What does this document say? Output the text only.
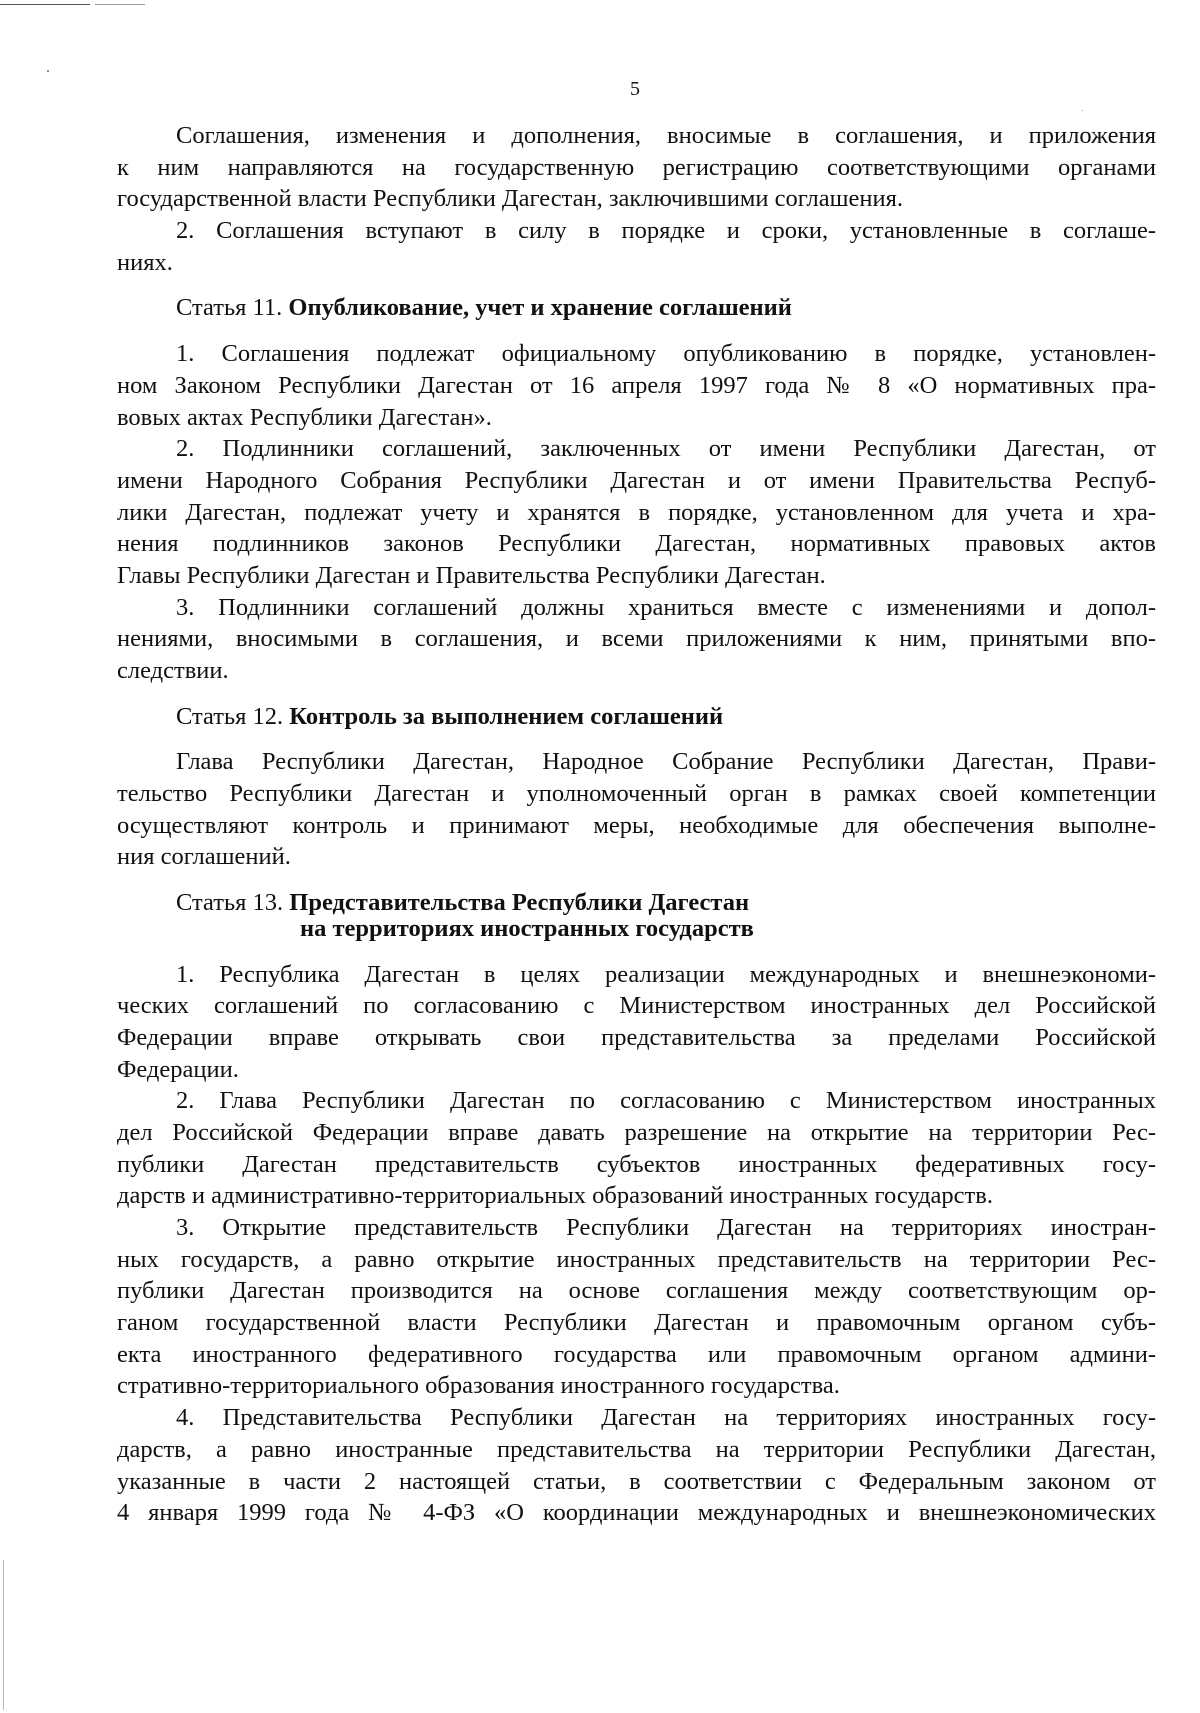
5
Соглашения, изменения и дополнения, вносимые в соглашения, и приложения
к ним направляются на государственную регистрацию соответствующими органами
государственной власти Республики Дагестан, заключившими соглашения.
2. Соглашения вступают в силу в порядке и сроки, установленные в соглаше-
ниях.
Статья 11. Опубликование, учет и хранение соглашений
1. Соглашения подлежат официальному опубликованию в порядке, установлен-
ном Законом Республики Дагестан от 16 апреля 1997 года № 8 «О нормативных пра-
вовых актах Республики Дагестан».
2. Подлинники соглашений, заключенных от имени Республики Дагестан, от
имени Народного Собрания Республики Дагестан и от имени Правительства Респуб-
лики Дагестан, подлежат учету и хранятся в порядке, установленном для учета и хра-
нения подлинников законов Республики Дагестан, нормативных правовых актов
Главы Республики Дагестан и Правительства Республики Дагестан.
3. Подлинники соглашений должны храниться вместе с изменениями и допол-
нениями, вносимыми в соглашения, и всеми приложениями к ним, принятыми впо-
следствии.
Статья 12. Контроль за выполнением соглашений
Глава Республики Дагестан, Народное Собрание Республики Дагестан, Прави-
тельство Республики Дагестан и уполномоченный орган в рамках своей компетенции
осуществляют контроль и принимают меры, необходимые для обеспечения выполне-
ния соглашений.
Статья 13. Представительства Республики Дагестан
на территориях иностранных государств
1. Республика Дагестан в целях реализации международных и внешнеэкономи-
ческих соглашений по согласованию с Министерством иностранных дел Российской
Федерации вправе открывать свои представительства за пределами Российской
Федерации.
2. Глава Республики Дагестан по согласованию с Министерством иностранных
дел Российской Федерации вправе давать разрешение на открытие на территории Рес-
публики Дагестан представительств субъектов иностранных федеративных госу-
дарств и административно-территориальных образований иностранных государств.
3. Открытие представительств Республики Дагестан на территориях иностран-
ных государств, а равно открытие иностранных представительств на территории Рес-
публики Дагестан производится на основе соглашения между соответствующим ор-
ганом государственной власти Республики Дагестан и правомочным органом субъ-
екта иностранного федеративного государства или правомочным органом админи-
стративно-территориального образования иностранного государства.
4. Представительства Республики Дагестан на территориях иностранных госу-
дарств, а равно иностранные представительства на территории Республики Дагестан,
указанные в части 2 настоящей статьи, в соответствии с Федеральным законом от
4 января 1999 года № 4-ФЗ «О координации международных и внешнеэкономических
